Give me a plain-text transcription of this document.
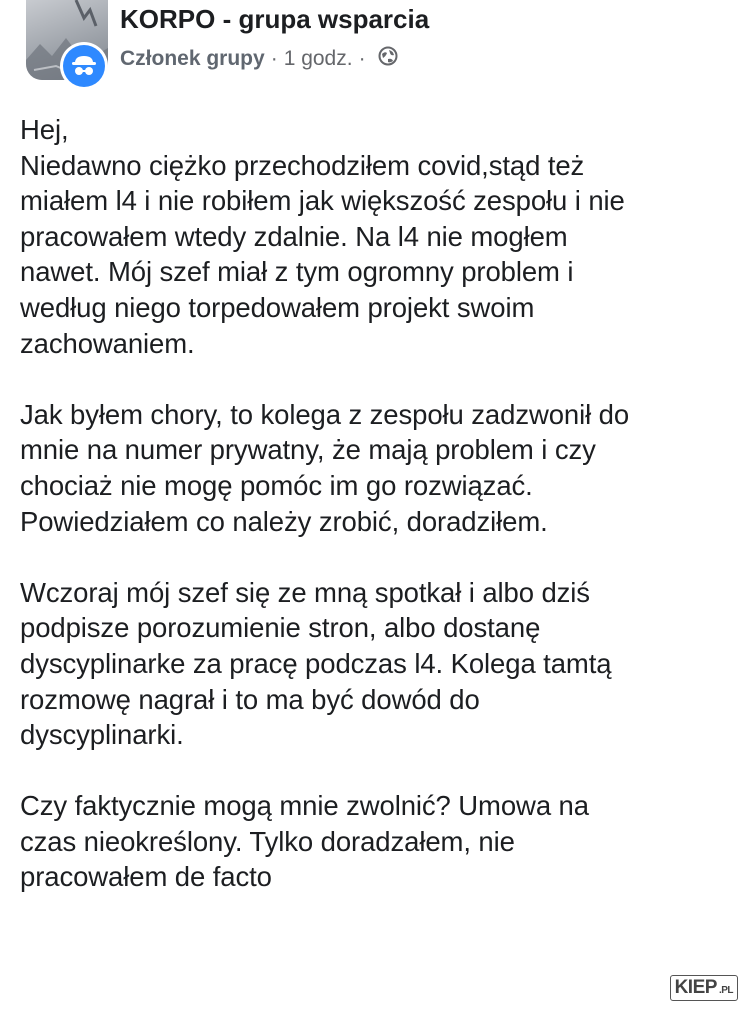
KORPO - grupa wsparcia
Członek grupy · 1 godz. ·
Hej,
Niedawno ciężko przechodziłem covid,stąd też
miałem l4 i nie robiłem jak większość zespołu i nie
pracowałem wtedy zdalnie. Na l4 nie mogłem
nawet. Mój szef miał z tym ogromny problem i
według niego torpedowałem projekt swoim
zachowaniem.
Jak byłem chory, to kolega z zespołu zadzwonił do
mnie na numer prywatny, że mają problem i czy
chociaż nie mogę pomóc im go rozwiązać.
Powiedziałem co należy zrobić, doradziłem.
Wczoraj mój szef się ze mną spotkał i albo dziś
podpisze porozumienie stron, albo dostanę
dyscyplinarke za pracę podczas l4. Kolega tamtą
rozmowę nagrał i to ma być dowód do
dyscyplinarki.
Czy faktycznie mogą mnie zwolnić? Umowa na
czas nieokreślony. Tylko doradzałem, nie
pracowałem de facto
KIEP .PL
